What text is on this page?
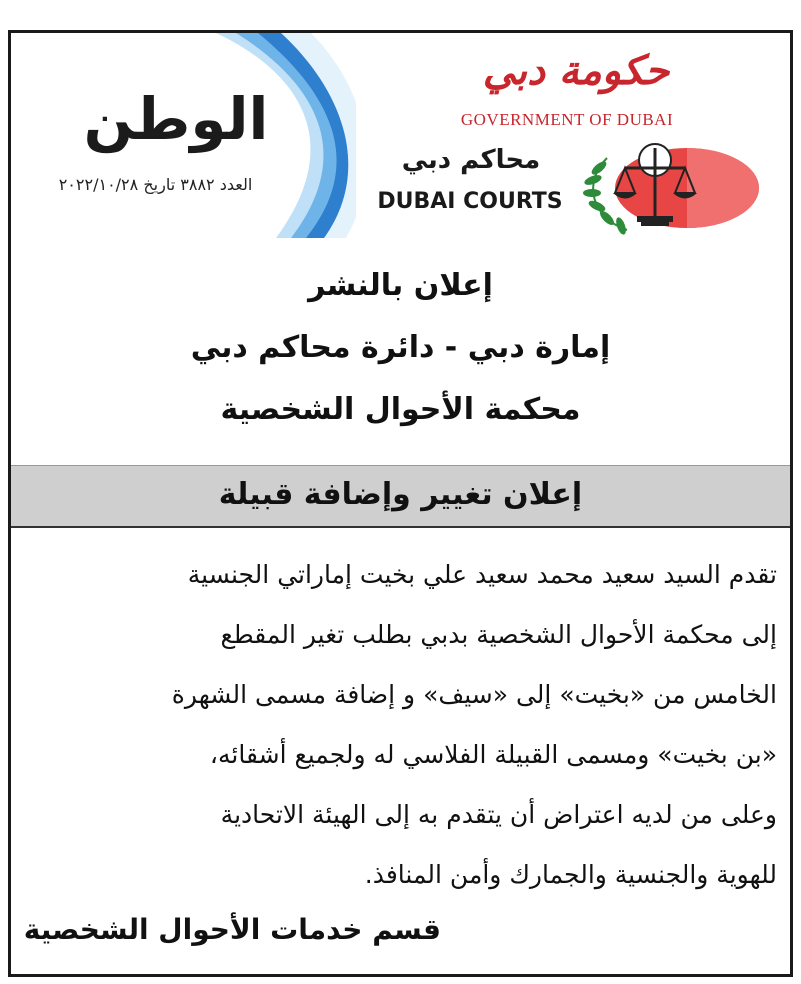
الوطن
العدد ٣٨٨٢ تاريخ ٢٠٢٢/١٠/٢٨
حكومة دبي
GOVERNMENT OF DUBAI
محاكم دبي
DUBAI COURTS
إعلان بالنشر
إمارة دبي - دائرة محاكم دبي
محكمة الأحوال الشخصية
إعلان تغيير وإضافة قبيلة
تقدم السيد سعيد محمد سعيد علي بخيت إماراتي الجنسية
إلى محكمة الأحوال الشخصية بدبي بطلب تغير المقطع
الخامس من «بخيت» إلى «سيف» و إضافة مسمى الشهرة
«بن بخيت» ومسمى القبيلة الفلاسي له ولجميع أشقائه،
وعلى من لديه اعتراض أن يتقدم به إلى الهيئة الاتحادية
للهوية والجنسية والجمارك وأمن المنافذ.
قسم خدمات الأحوال الشخصية
